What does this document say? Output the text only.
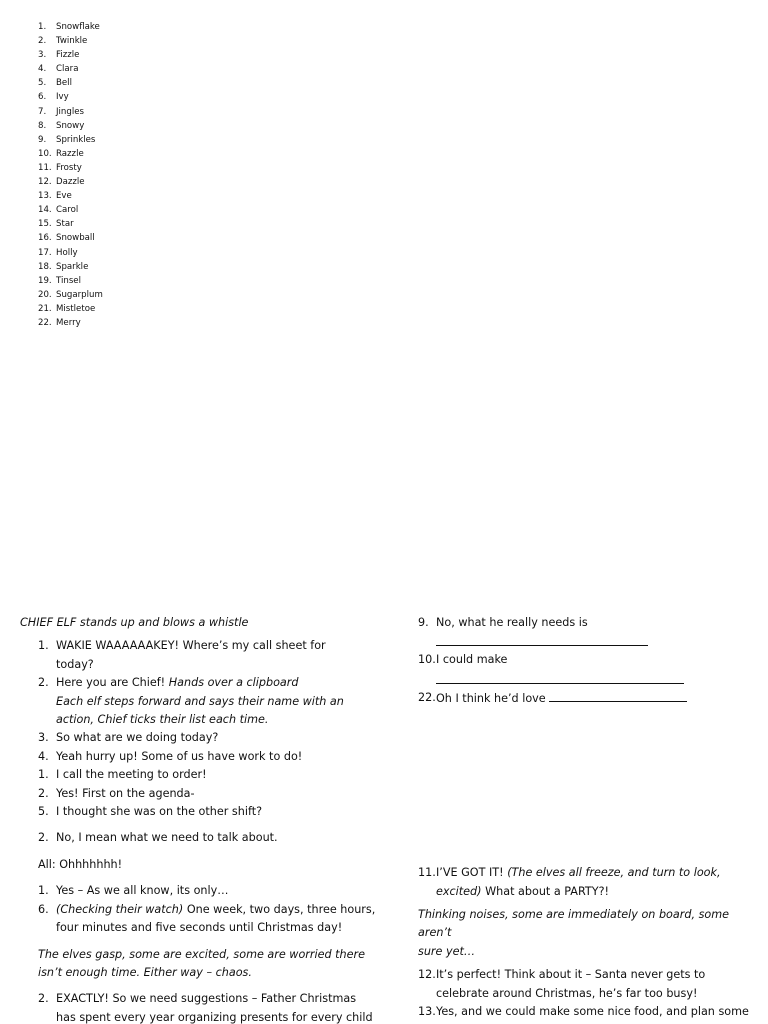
1. Snowflake
2. Twinkle
3. Fizzle
4. Clara
5. Bell
6. Ivy
7. Jingles
8. Snowy
9. Sprinkles
10. Razzle
11. Frosty
12. Dazzle
13. Eve
14. Carol
15. Star
16. Snowball
17. Holly
18. Sparkle
19. Tinsel
20. Sugarplum
21. Mistletoe
22. Merry
CHIEF ELF stands up and blows a whistle
1. WAKIE WAAAAAAKEY! Where’s my call sheet for
today?
2. Here you are Chief! Hands over a clipboard
Each elf steps forward and says their name with an
action, Chief ticks their list each time.
3. So what are we doing today?
4. Yeah hurry up! Some of us have work to do!
1. I call the meeting to order!
2. Yes! First on the agenda-
5. I thought she was on the other shift?
2. No, I mean what we need to talk about.
All: Ohhhhhhh!
1. Yes – As we all know, its only…
6. (Checking their watch) One week, two days, three hours,
four minutes and five seconds until Christmas day!
The elves gasp, some are excited, some are worried there
isn’t enough time. Either way – chaos.
2. EXACTLY! So we need suggestions – Father Christmas
has spent every year organizing presents for every child
9. No, what he really needs is
10. I could make
22. Oh I think he’d love
11. I’VE GOT IT! (The elves all freeze, and turn to look,
excited) What about a PARTY?!
Thinking noises, some are immediately on board, some aren’t
sure yet…
12. It’s perfect! Think about it – Santa never gets to
celebrate around Christmas, he’s far too busy!
13. Yes, and we could make some nice food, and plan some
